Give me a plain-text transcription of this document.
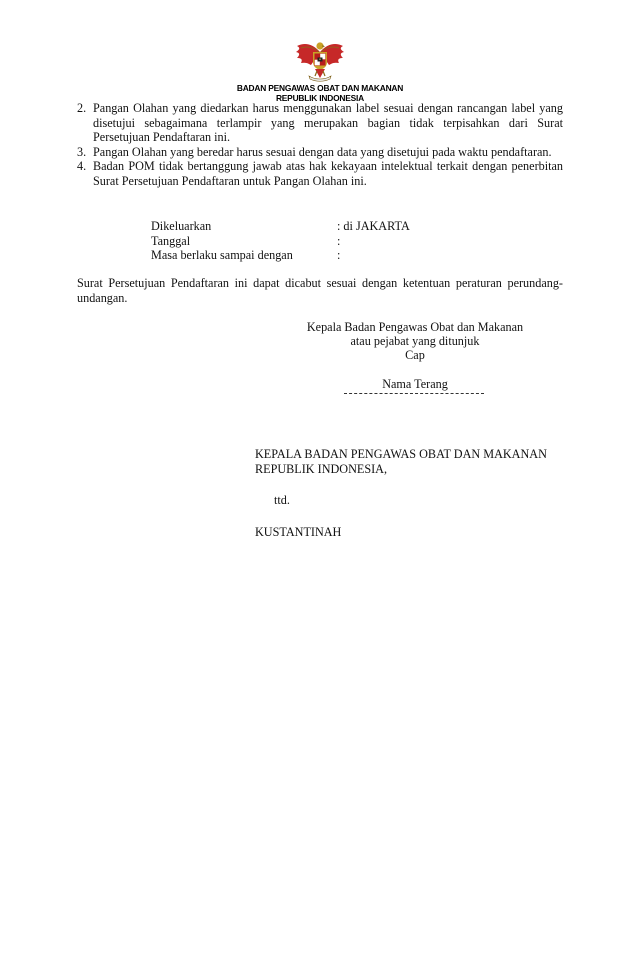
BADAN PENGAWAS OBAT DAN MAKANAN
REPUBLIK INDONESIA
2. Pangan Olahan yang diedarkan harus menggunakan label sesuai dengan rancangan label yang disetujui sebagaimana terlampir yang merupakan bagian tidak terpisahkan dari Surat Persetujuan Pendaftaran ini.
3. Pangan Olahan yang beredar harus sesuai dengan data yang disetujui pada waktu pendaftaran.
4. Badan POM tidak bertanggung jawab atas hak kekayaan intelektual terkait dengan penerbitan Surat Persetujuan Pendaftaran untuk Pangan Olahan ini.
Dikeluarkan	: di JAKARTA
Tanggal	:
Masa berlaku sampai dengan	:
Surat Persetujuan Pendaftaran ini dapat dicabut sesuai dengan ketentuan peraturan perundang-undangan.
Kepala Badan Pengawas Obat dan Makanan
atau pejabat yang ditunjuk
Cap
Nama Terang
KEPALA BADAN PENGAWAS OBAT DAN MAKANAN
REPUBLIK INDONESIA,
ttd.
KUSTANTINAH
